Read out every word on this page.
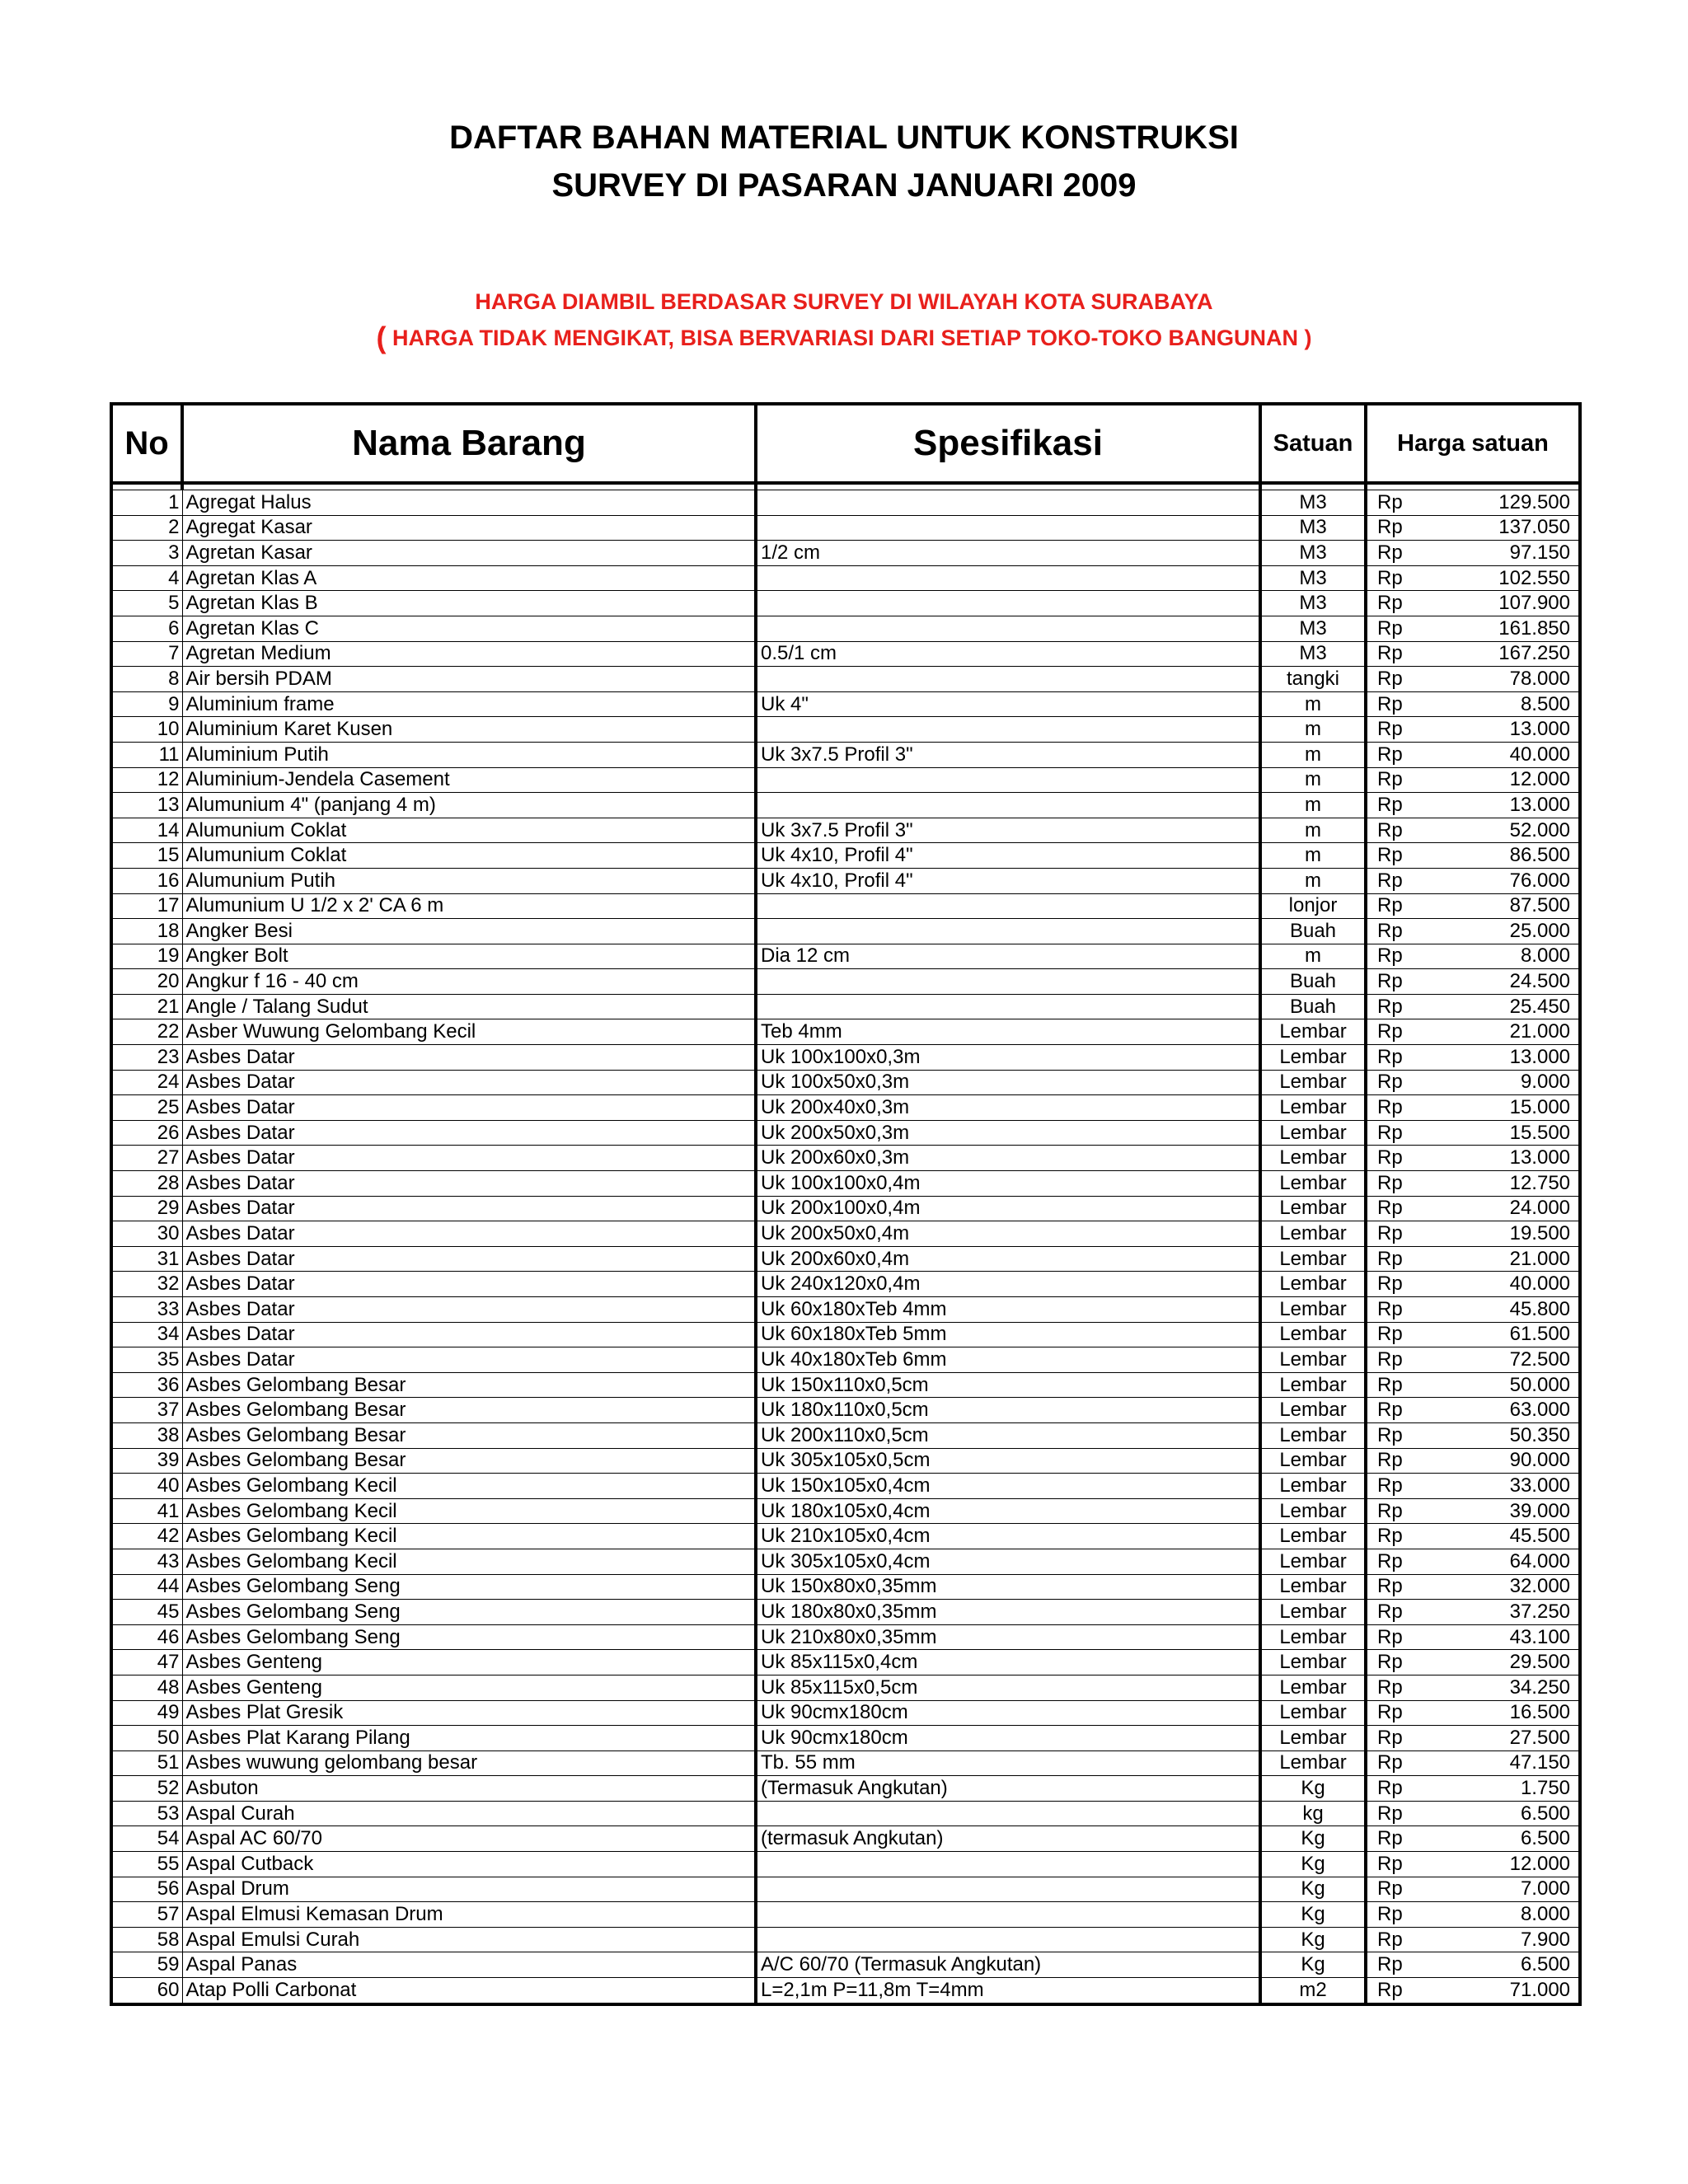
DAFTAR BAHAN MATERIAL UNTUK KONSTRUKSI
SURVEY DI PASARAN JANUARI 2009
HARGA DIAMBIL BERDASAR SURVEY DI WILAYAH KOTA SURABAYA
( HARGA TIDAK MENGIKAT, BISA BERVARIASI DARI SETIAP TOKO-TOKO BANGUNAN )
No	Nama Barang	Spesifikasi	Satuan	Harga satuan	

1	Agregat Halus		M3	Rp	129.500
2	Agregat Kasar		M3	Rp	137.050
3	Agretan Kasar	1/2 cm	M3	Rp	97.150
4	Agretan Klas A		M3	Rp	102.550
5	Agretan Klas B		M3	Rp	107.900
6	Agretan Klas C		M3	Rp	161.850
7	Agretan Medium	0.5/1 cm	M3	Rp	167.250
8	Air bersih PDAM		tangki	Rp	78.000
9	Aluminium frame	Uk 4"	m	Rp	8.500
10	Aluminium Karet Kusen		m	Rp	13.000
11	Aluminium Putih	Uk 3x7.5 Profil 3"	m	Rp	40.000
12	Aluminium-Jendela Casement		m	Rp	12.000
13	Alumunium 4" (panjang 4 m)		m	Rp	13.000
14	Alumunium Coklat	Uk 3x7.5 Profil 3"	m	Rp	52.000
15	Alumunium Coklat	Uk 4x10, Profil 4"	m	Rp	86.500
16	Alumunium Putih	Uk 4x10, Profil 4"	m	Rp	76.000
17	Alumunium U 1/2 x 2' CA 6 m		lonjor	Rp	87.500
18	Angker Besi		Buah	Rp	25.000
19	Angker Bolt	Dia 12 cm	m	Rp	8.000
20	Angkur f 16 - 40 cm		Buah	Rp	24.500
21	Angle / Talang Sudut		Buah	Rp	25.450
22	Asber Wuwung Gelombang Kecil	Teb 4mm	Lembar	Rp	21.000
23	Asbes Datar	Uk 100x100x0,3m	Lembar	Rp	13.000
24	Asbes Datar	Uk 100x50x0,3m	Lembar	Rp	9.000
25	Asbes Datar	Uk 200x40x0,3m	Lembar	Rp	15.000
26	Asbes Datar	Uk 200x50x0,3m	Lembar	Rp	15.500
27	Asbes Datar	Uk 200x60x0,3m	Lembar	Rp	13.000
28	Asbes Datar	Uk 100x100x0,4m	Lembar	Rp	12.750
29	Asbes Datar	Uk 200x100x0,4m	Lembar	Rp	24.000
30	Asbes Datar	Uk 200x50x0,4m	Lembar	Rp	19.500
31	Asbes Datar	Uk 200x60x0,4m	Lembar	Rp	21.000
32	Asbes Datar	Uk 240x120x0,4m	Lembar	Rp	40.000
33	Asbes Datar	Uk 60x180xTeb 4mm	Lembar	Rp	45.800
34	Asbes Datar	Uk 60x180xTeb 5mm	Lembar	Rp	61.500
35	Asbes Datar	Uk 40x180xTeb 6mm	Lembar	Rp	72.500
36	Asbes Gelombang Besar	Uk 150x110x0,5cm	Lembar	Rp	50.000
37	Asbes Gelombang Besar	Uk 180x110x0,5cm	Lembar	Rp	63.000
38	Asbes Gelombang Besar	Uk 200x110x0,5cm	Lembar	Rp	50.350
39	Asbes Gelombang Besar	Uk 305x105x0,5cm	Lembar	Rp	90.000
40	Asbes Gelombang Kecil	Uk 150x105x0,4cm	Lembar	Rp	33.000
41	Asbes Gelombang Kecil	Uk 180x105x0,4cm	Lembar	Rp	39.000
42	Asbes Gelombang Kecil	Uk 210x105x0,4cm	Lembar	Rp	45.500
43	Asbes Gelombang Kecil	Uk 305x105x0,4cm	Lembar	Rp	64.000
44	Asbes Gelombang Seng	Uk 150x80x0,35mm	Lembar	Rp	32.000
45	Asbes Gelombang Seng	Uk 180x80x0,35mm	Lembar	Rp	37.250
46	Asbes Gelombang Seng	Uk 210x80x0,35mm	Lembar	Rp	43.100
47	Asbes Genteng	Uk 85x115x0,4cm	Lembar	Rp	29.500
48	Asbes Genteng	Uk 85x115x0,5cm	Lembar	Rp	34.250
49	Asbes Plat Gresik	Uk 90cmx180cm	Lembar	Rp	16.500
50	Asbes Plat Karang Pilang	Uk 90cmx180cm	Lembar	Rp	27.500
51	Asbes wuwung gelombang besar	Tb. 55 mm	Lembar	Rp	47.150
52	Asbuton	(Termasuk Angkutan)	Kg	Rp	1.750
53	Aspal Curah		kg	Rp	6.500
54	Aspal AC 60/70	(termasuk Angkutan)	Kg	Rp	6.500
55	Aspal Cutback		Kg	Rp	12.000
56	Aspal Drum		Kg	Rp	7.000
57	Aspal Elmusi Kemasan Drum		Kg	Rp	8.000
58	Aspal Emulsi Curah		Kg	Rp	7.900
59	Aspal Panas	A/C 60/70 (Termasuk Angkutan)	Kg	Rp	6.500
60	Atap Polli Carbonat	L=2,1m P=11,8m T=4mm	m2	Rp	71.000
